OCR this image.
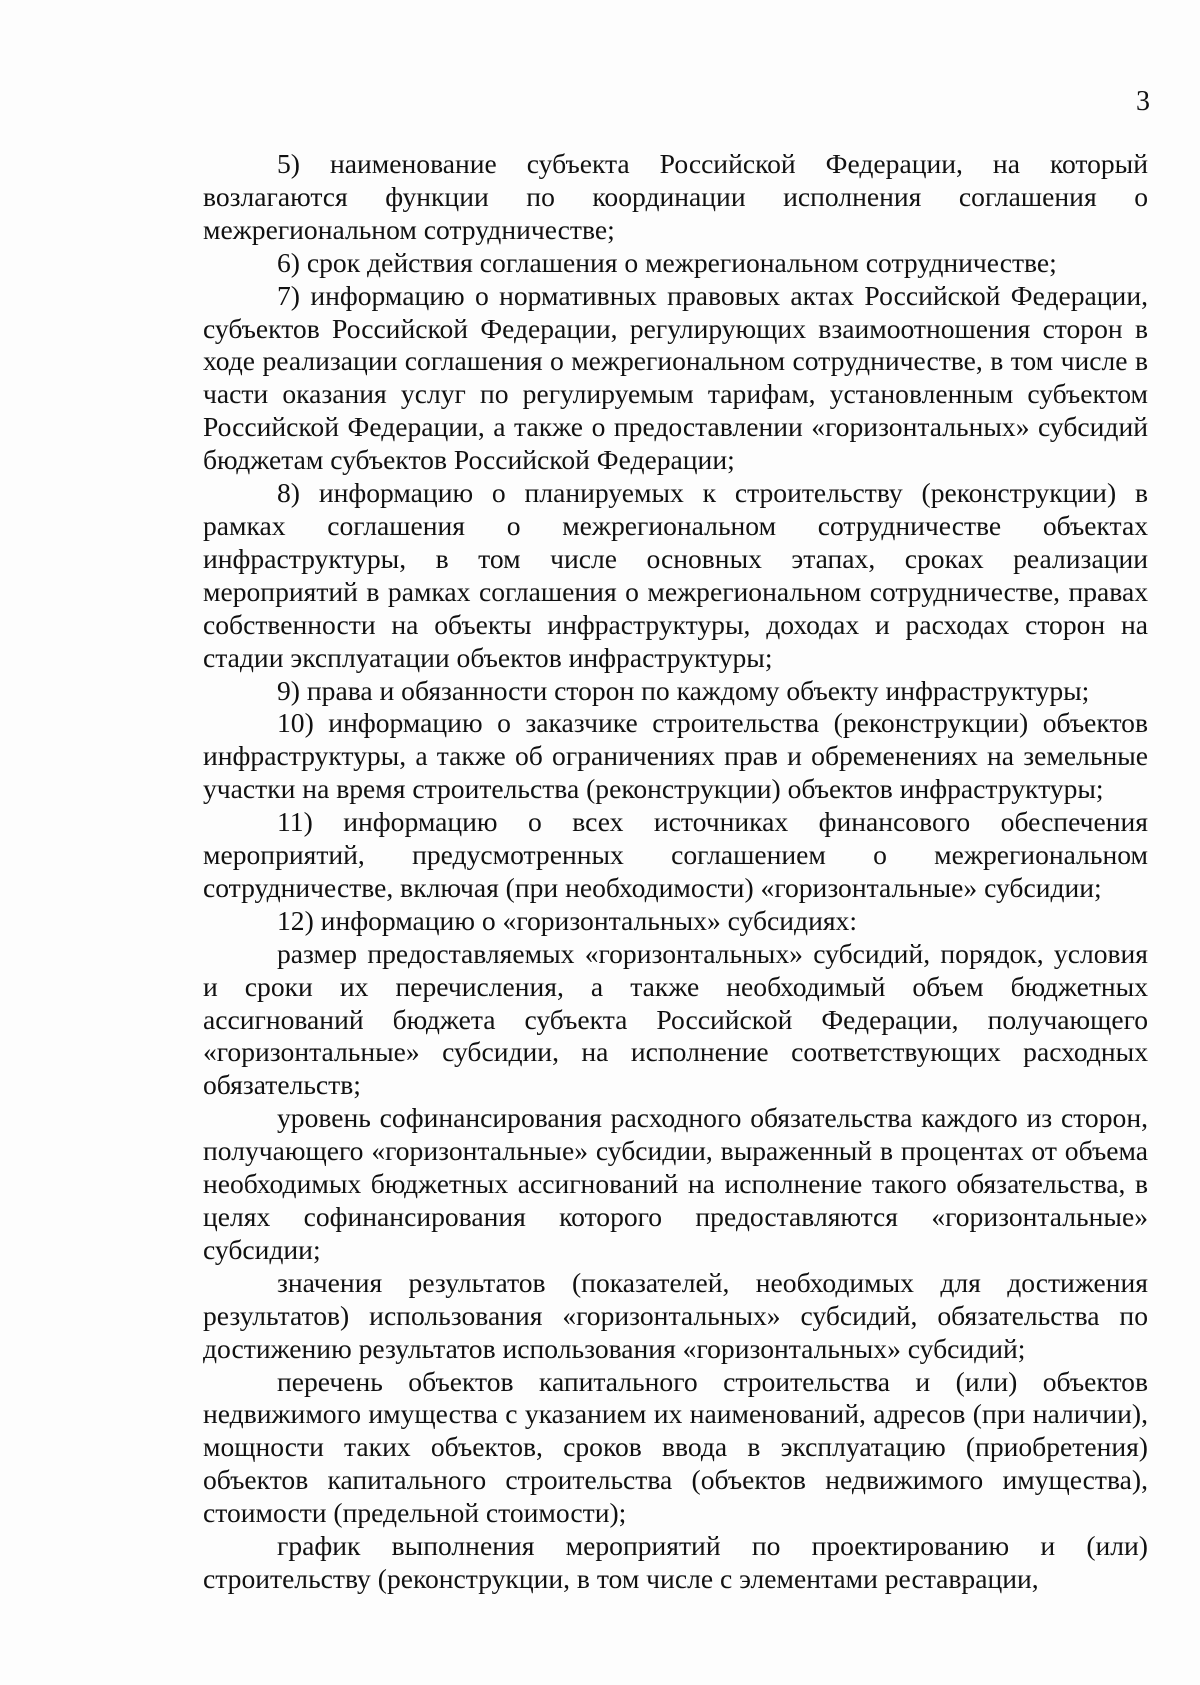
3

5) наименование субъекта Российской Федерации, на который возлагаются функции по координации исполнения соглашения о межрегиональном сотрудничестве;

6) срок действия соглашения о межрегиональном сотрудничестве;

7) информацию о нормативных правовых актах Российской Федерации, субъектов Российской Федерации, регулирующих взаимоотношения сторон в ходе реализации соглашения о межрегиональном сотрудничестве, в том числе в части оказания услуг по регулируемым тарифам, установленным субъектом Российской Федерации, а также о предоставлении «горизонтальных» субсидий бюджетам субъектов Российской Федерации;

8) информацию о планируемых к строительству (реконструкции) в рамках соглашения о межрегиональном сотрудничестве объектах инфраструктуры, в том числе основных этапах, сроках реализации мероприятий в рамках соглашения о межрегиональном сотрудничестве, правах собственности на объекты инфраструктуры, доходах и расходах сторон на стадии эксплуатации объектов инфраструктуры;

9) права и обязанности сторон по каждому объекту инфраструктуры;

10) информацию о заказчике строительства (реконструкции) объектов инфраструктуры, а также об ограничениях прав и обременениях на земельные участки на время строительства (реконструкции) объектов инфраструктуры;

11) информацию о всех источниках финансового обеспечения мероприятий, предусмотренных соглашением о межрегиональном сотрудничестве, включая (при необходимости) «горизонтальные» субсидии;

12) информацию о «горизонтальных» субсидиях:

размер предоставляемых «горизонтальных» субсидий, порядок, условия и сроки их перечисления, а также необходимый объем бюджетных ассигнований бюджета субъекта Российской Федерации, получающего «горизонтальные» субсидии, на исполнение соответствующих расходных обязательств;

уровень софинансирования расходного обязательства каждого из сторон, получающего «горизонтальные» субсидии, выраженный в процентах от объема необходимых бюджетных ассигнований на исполнение такого обязательства, в целях софинансирования которого предоставляются «горизонтальные» субсидии;

значения результатов (показателей, необходимых для достижения результатов) использования «горизонтальных» субсидий, обязательства по достижению результатов использования «горизонтальных» субсидий;

перечень объектов капитального строительства и (или) объектов недвижимого имущества с указанием их наименований, адресов (при наличии), мощности таких объектов, сроков ввода в эксплуатацию (приобретения) объектов капитального строительства (объектов недвижимого имущества), стоимости (предельной стоимости);

график выполнения мероприятий по проектированию и (или) строительству (реконструкции, в том числе с элементами реставрации,
